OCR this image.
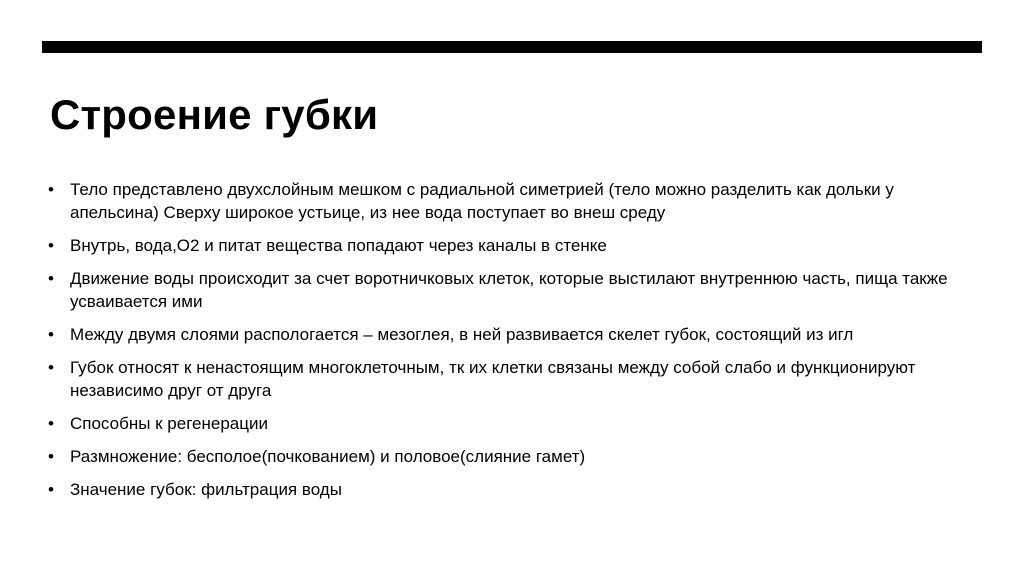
Строение губки
• Тело представлено двухслойным мешком с радиальной симетрией (тело можно разделить как дольки у апельсина) Сверху широкое устьице, из нее вода поступает во внеш среду
• Внутрь, вода,О2 и питат вещества попадают через каналы в стенке
• Движение воды происходит за счет воротничковых клеток, которые выстилают внутреннюю часть, пища также усваивается ими
• Между двумя слоями распологается – мезоглея, в ней развивается скелет губок, состоящий из игл
• Губок относят к ненастоящим многоклеточным, тк их клетки связаны между собой слабо и функционируют независимо друг от друга
• Способны к регенерации
• Размножение: бесполое(почкованием) и половое(слияние гамет)
• Значение губок: фильтрация воды
